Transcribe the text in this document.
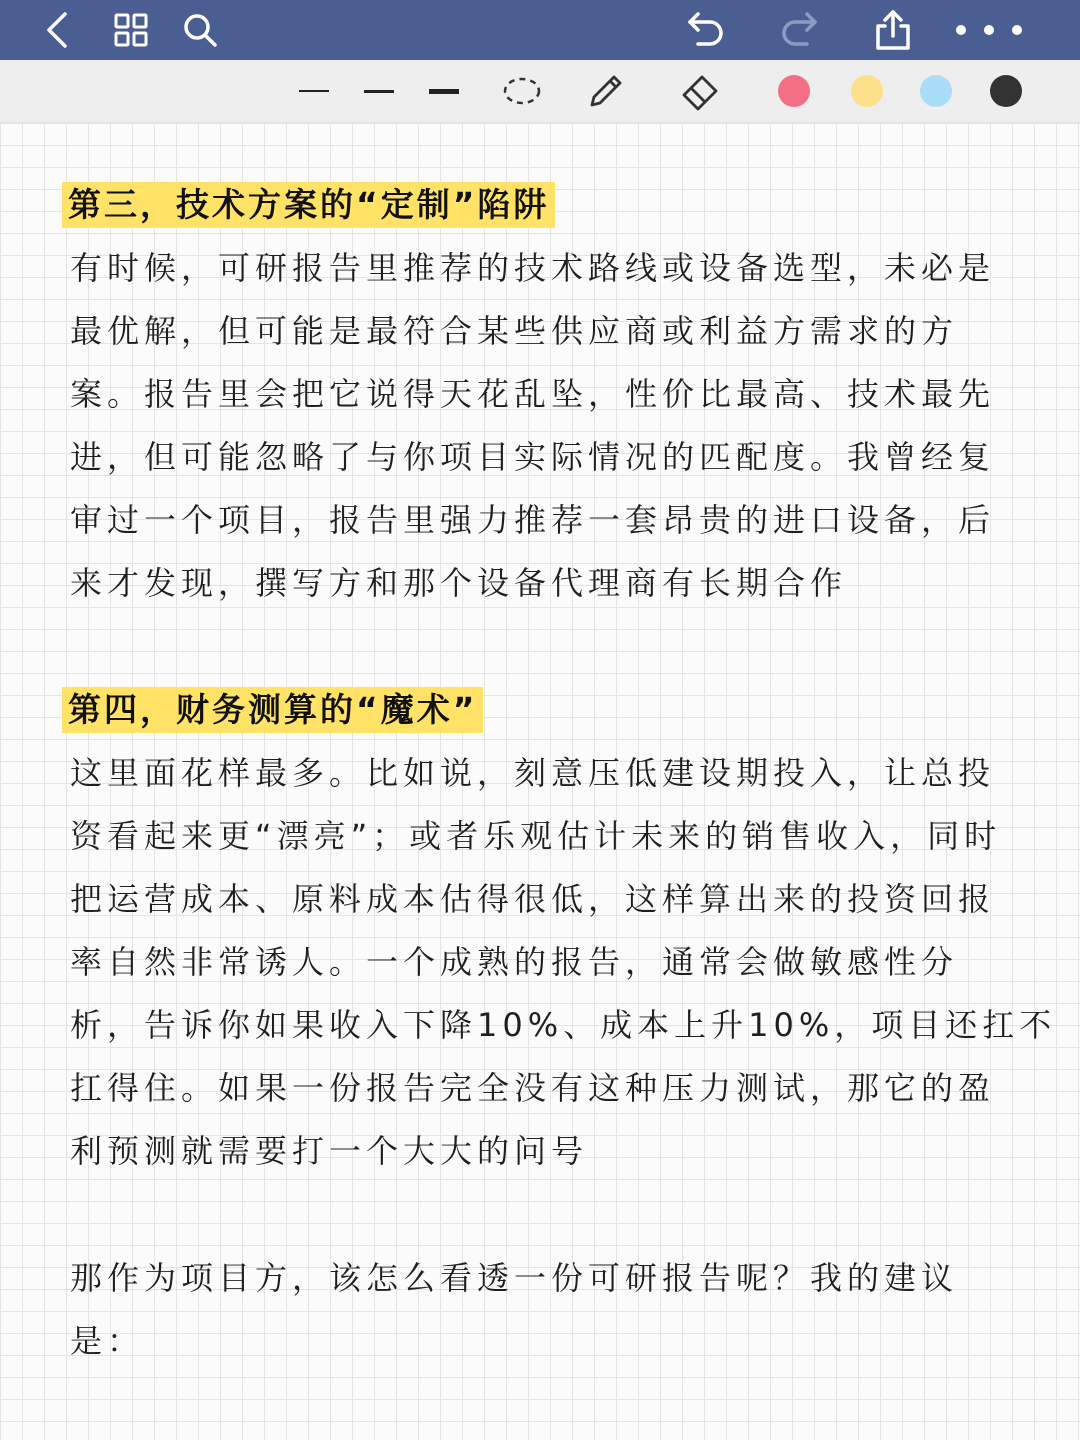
第三，技术方案的“定制”陷阱
有时候，可研报告里推荐的技术路线或设备选型，未必是
最优解，但可能是最符合某些供应商或利益方需求的方
案。报告里会把它说得天花乱坠，性价比最高、技术最先
进，但可能忽略了与你项目实际情况的匹配度。我曾经复
审过一个项目，报告里强力推荐一套昂贵的进口设备，后
来才发现，撰写方和那个设备代理商有长期合作
第四，财务测算的“魔术”
这里面花样最多。比如说，刻意压低建设期投入，让总投
资看起来更“漂亮”；或者乐观估计未来的销售收入，同时
把运营成本、原料成本估得很低，这样算出来的投资回报
率自然非常诱人。一个成熟的报告，通常会做敏感性分
析，告诉你如果收入下降10%、成本上升10%，项目还扛不
扛得住。如果一份报告完全没有这种压力测试，那它的盈
利预测就需要打一个大大的问号
那作为项目方，该怎么看透一份可研报告呢？我的建议
是：
